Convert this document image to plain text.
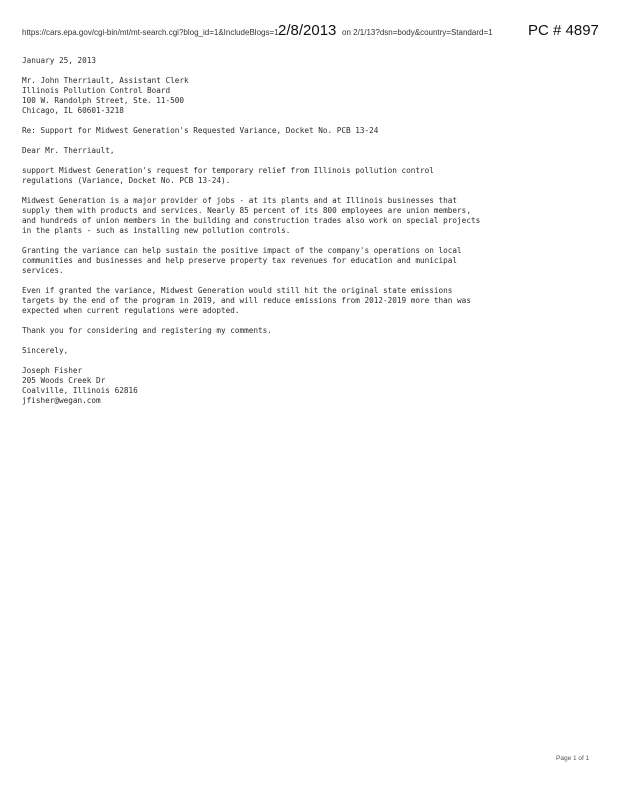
https://cars.epa.gov/cgi-bin/mt/mt-search.cgi?blog_id=1&IncludeBlogs=1 2/8/2013 on 2/1/13?dsn=body&country=Standard=1 PC # 4897

January 25, 2013

Mr. John Therriault, Assistant Clerk
Illinois Pollution Control Board
100 W. Randolph Street, Ste. 11-500
Chicago, IL 60601-3218

Re: Support for Midwest Generation's Requested Variance, Docket No. PCB 13-24

Dear Mr. Therriault,

support Midwest Generation's request for temporary relief from Illinois pollution control
regulations (Variance, Docket No. PCB 13-24).

Midwest Generation is a major provider of jobs - at its plants and at Illinois businesses that
supply them with products and services. Nearly 85 percent of its 800 employees are union members,
and hundreds of union members in the building and construction trades also work on special projects
in the plants - such as installing new pollution controls.

Granting the variance can help sustain the positive impact of the company's operations on local
communities and businesses and help preserve property tax revenues for education and municipal
services.

Even if granted the variance, Midwest Generation would still hit the original state emissions
targets by the end of the program in 2019, and will reduce emissions from 2012-2019 more than was
expected when current regulations were adopted.

Thank you for considering and registering my comments.

Sincerely,

Joseph Fisher
205 Woods Creek Dr
Coalville, Illinois 62816
jfisher@wegan.com

Page 1 of 1
